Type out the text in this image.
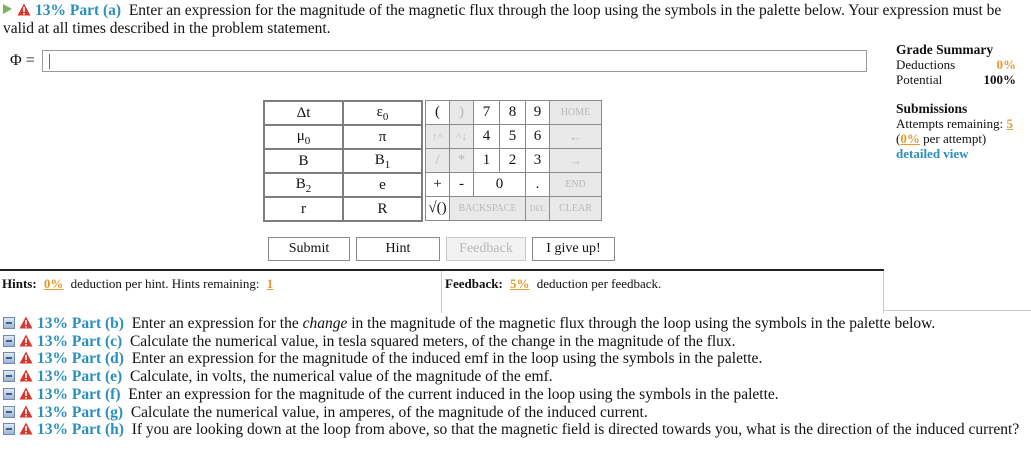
13% Part (a) Enter an expression for the magnitude of the magnetic flux through the loop using the symbols in the palette below. Your expression must be valid at all times described in the problem statement.
Φ =
Grade Summary
Deductions	0%
Potential	100%
Submissions
Attempts remaining: 5
(0% per attempt)
detailed view
Δt	$\varepsilon_0$
$\mu_0$	π
B	$B_1$
$B_2$	e
r	R
(	)	7	8	9	HOME
↑^	^↓	4	5	6	←
/	*	1	2	3	→
+	-	0		.	END
√()	BACKSPACE			DEL	CLEAR
Submit	Hint	Feedback	I give up!
Hints: 0% deduction per hint. Hints remaining: 1	Feedback: 5% deduction per feedback.
13% Part (b) Enter an expression for the change in the magnitude of the magnetic flux through the loop using the symbols in the palette below.
13% Part (c) Calculate the numerical value, in tesla squared meters, of the change in the magnitude of the flux.
13% Part (d) Enter an expression for the magnitude of the induced emf in the loop using the symbols in the palette.
13% Part (e) Calculate, in volts, the numerical value of the magnitude of the emf.
13% Part (f) Enter an expression for the magnitude of the current induced in the loop using the symbols in the palette.
13% Part (g) Calculate the numerical value, in amperes, of the magnitude of the induced current.
13% Part (h) If you are looking down at the loop from above, so that the magnetic field is directed towards you, what is the direction of the induced current?
